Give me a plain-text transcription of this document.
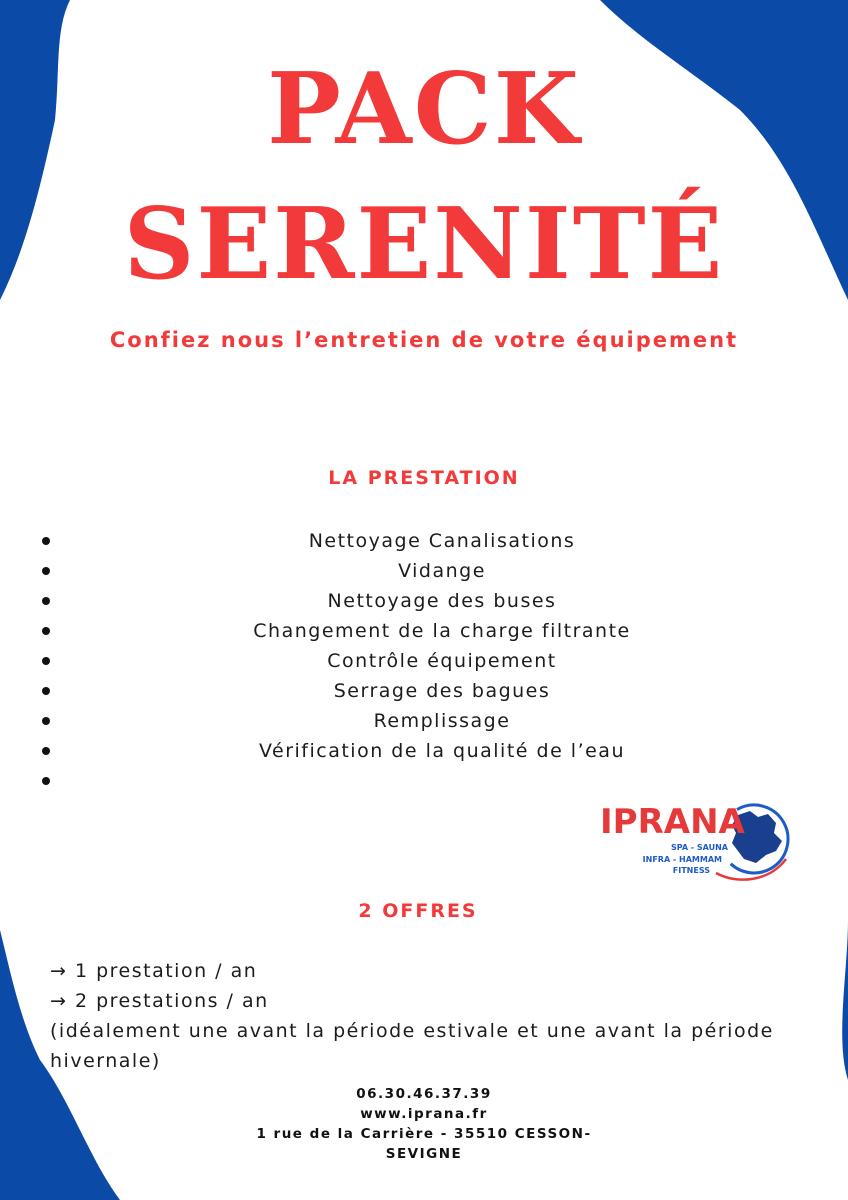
PACK
SERENITÉ
Confiez nous l’entretien de votre équipement
LA PRESTATION
Nettoyage Canalisations
Vidange
Nettoyage des buses
Changement de la charge filtrante
Contrôle équipement
Serrage des bagues
Remplissage
Vérification de la qualité de l’eau
IPRANA
SPA - SAUNA
INFRA - HAMMAM
FITNESS
2 OFFRES

→ 1 prestation / an

→ 2 prestations / an

(idéalement une avant la période estivale et une avant la période hivernale)

06.30.46.37.39
www.iprana.fr
1 rue de la Carrière - 35510 CESSON-
SEVIGNE
